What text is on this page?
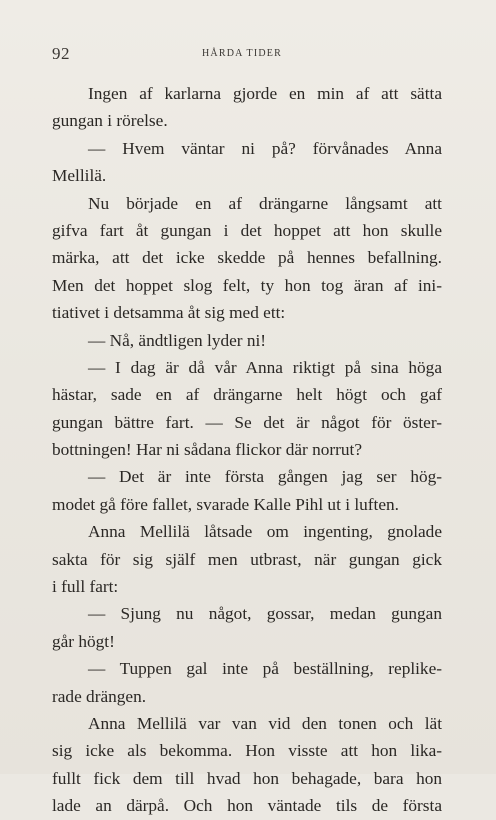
92	HÅRDA TIDER
Ingen af karlarna gjorde en min af att sätta
gungan i rörelse.
— Hvem väntar ni på? förvånades Anna
Mellilä.
Nu började en af drängarne långsamt att
gifva fart åt gungan i det hoppet att hon skulle
märka, att det icke skedde på hennes befallning.
Men det hoppet slog felt, ty hon tog äran af ini-
tiativet i detsamma åt sig med ett:
— Nå, ändtligen lyder ni!
— I dag är då vår Anna riktigt på sina höga
hästar, sade en af drängarne helt högt och gaf
gungan bättre fart. — Se det är något för öster-
bottningen! Har ni sådana flickor där norrut?
— Det är inte första gången jag ser hög-
modet gå före fallet, svarade Kalle Pihl ut i luften.
Anna Mellilä låtsade om ingenting, gnolade
sakta för sig själf men utbrast, när gungan gick
i full fart:
— Sjung nu något, gossar, medan gungan
går högt!
— Tuppen gal inte på beställning, replike-
rade drängen.
Anna Mellilä var van vid den tonen och lät
sig icke als bekomma. Hon visste att hon lika-
fullt fick dem till hvad hon behagade, bara hon
lade an därpå. Och hon väntade tils de första
